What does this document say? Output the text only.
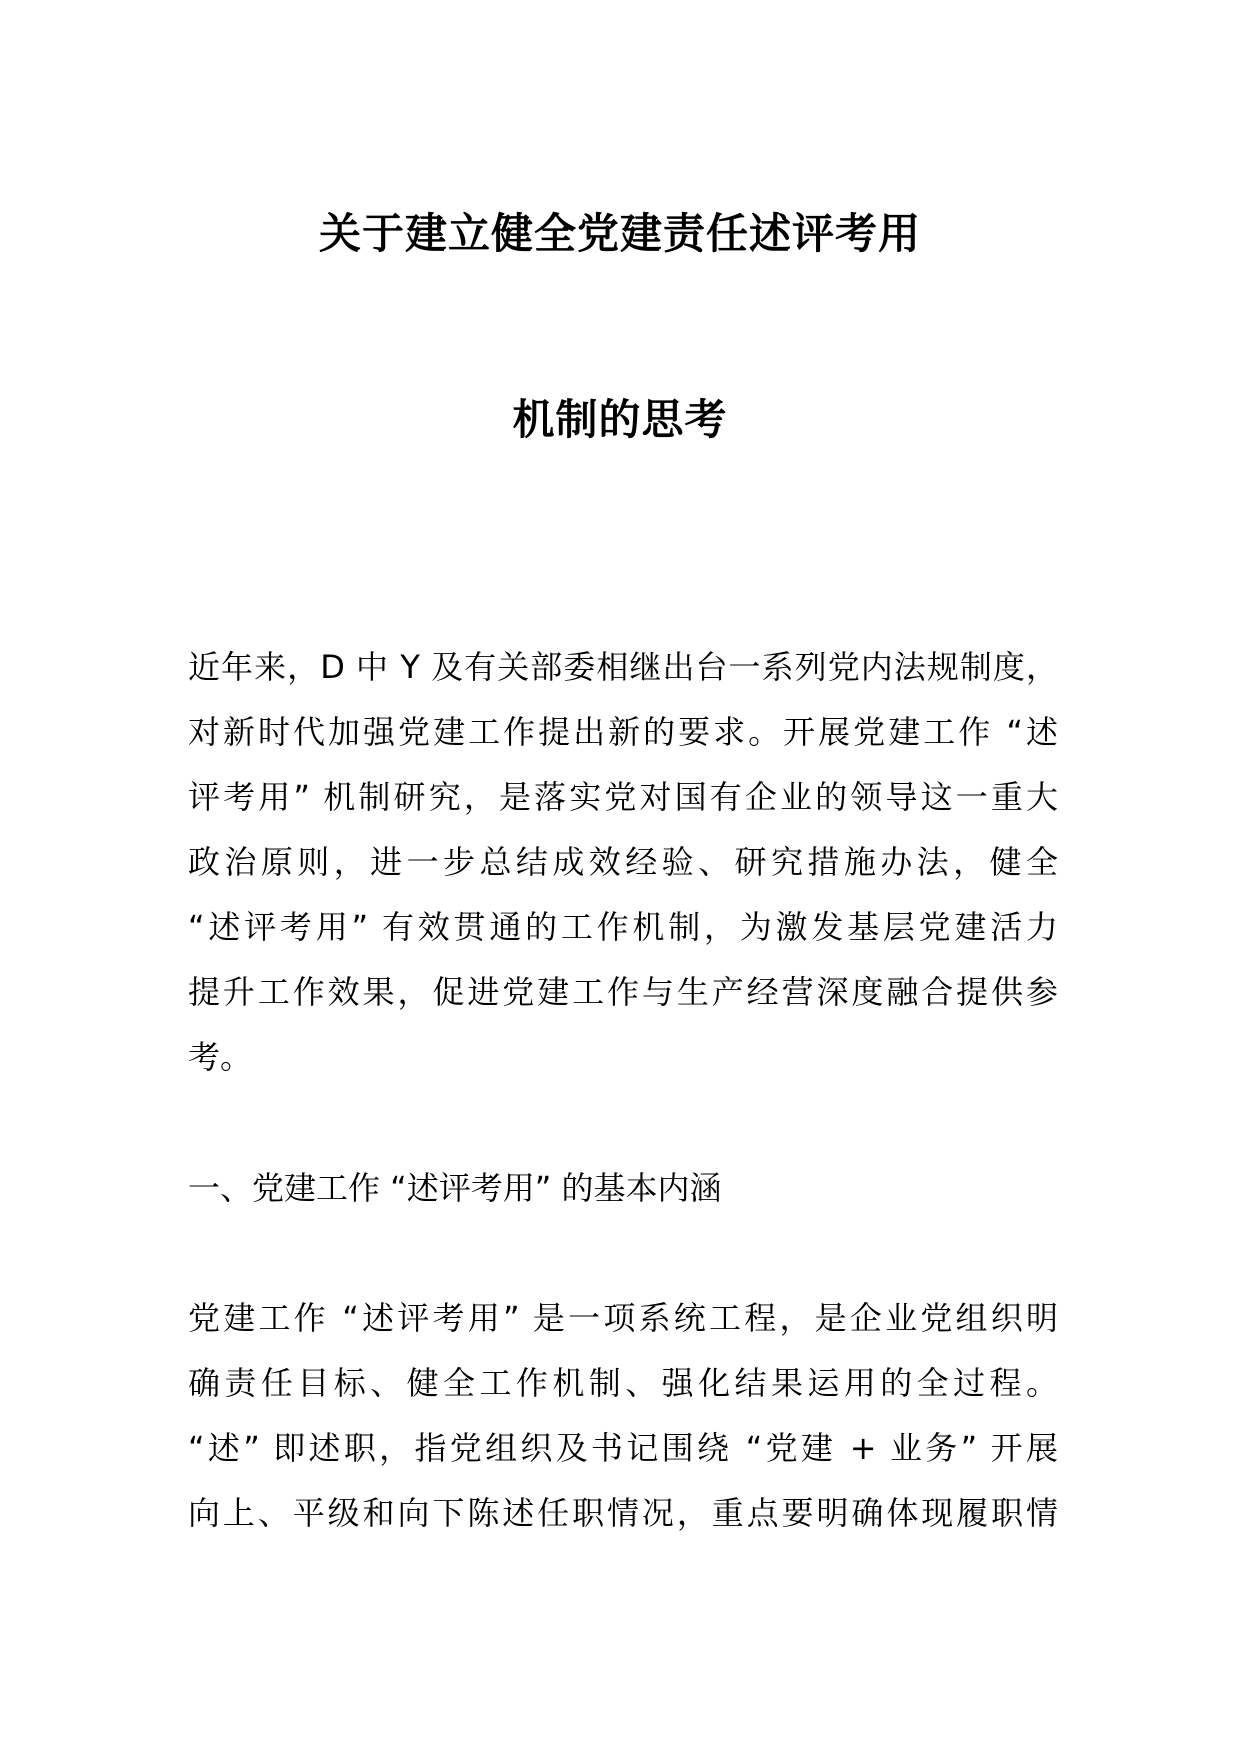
关于建立健全党建责任述评考用
机制的思考
近年来，D 中 Y 及有关部委相继出台一系列党内法规制度，
对新时代加强党建工作提出新的要求。开展党建工作 “述
评考用” 机制研究，是落实党对国有企业的领导这一重大
政治原则，进一步总结成效经验、研究措施办法，健全
“述评考用” 有效贯通的工作机制，为激发基层党建活力
提升工作效果，促进党建工作与生产经营深度融合提供参
考。
一、党建工作 “述评考用” 的基本内涵
党建工作 “述评考用” 是一项系统工程，是企业党组织明
确责任目标、健全工作机制、强化结果运用的全过程。
“述” 即述职，指党组织及书记围绕 “党建 + 业务” 开展
向上、平级和向下陈述任职情况，重点要明确体现履职情
